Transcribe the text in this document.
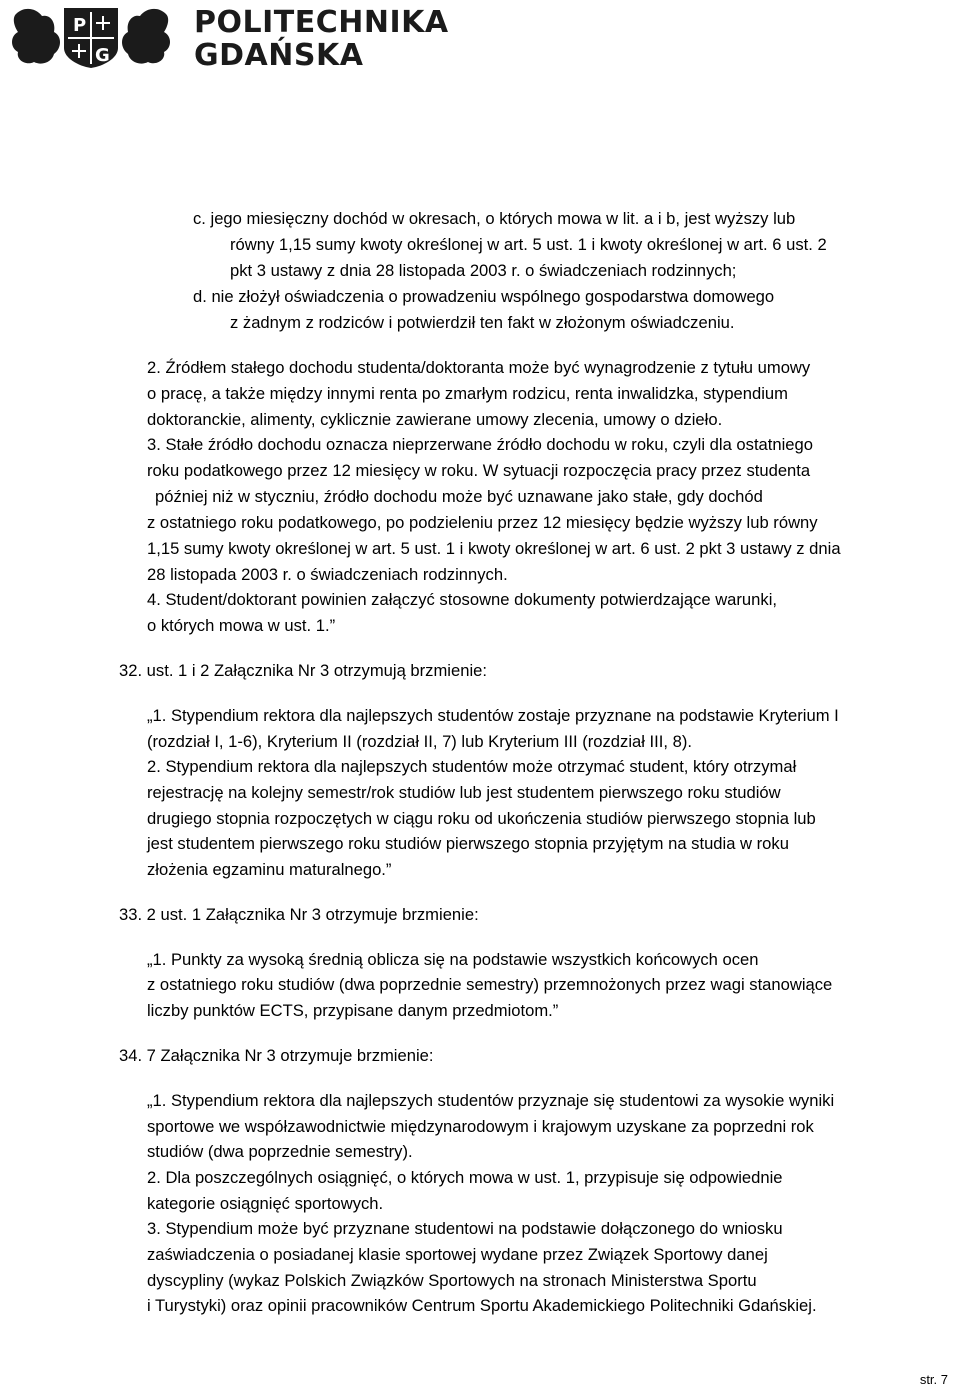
P
G
POLITECHNIKA
GDAŃSKA
c. jego miesięczny dochód w okresach, o których mowa w lit. a i b, jest wyższy lub
równy 1,15 sumy kwoty określonej w art. 5 ust. 1 i kwoty określonej w art. 6 ust. 2
pkt 3 ustawy z dnia 28 listopada 2003 r. o świadczeniach rodzinnych;
d. nie złożył oświadczenia o prowadzeniu wspólnego gospodarstwa domowego
z żadnym z rodziców i potwierdził ten fakt w złożonym oświadczeniu.
2. Źródłem stałego dochodu studenta/doktoranta może być wynagrodzenie z tytułu umowy
o pracę, a także między innymi renta po zmarłym rodzicu, renta inwalidzka, stypendium
doktoranckie, alimenty, cyklicznie zawierane umowy zlecenia, umowy o dzieło.
3. Stałe źródło dochodu oznacza nieprzerwane źródło dochodu w roku, czyli dla ostatniego
roku podatkowego przez 12 miesięcy w roku. W sytuacji rozpoczęcia pracy przez studenta
później niż w styczniu, źródło dochodu może być uznawane jako stałe, gdy dochód
z ostatniego roku podatkowego, po podzieleniu przez 12 miesięcy będzie wyższy lub równy
1,15 sumy kwoty określonej w art. 5 ust. 1 i kwoty określonej w art. 6 ust. 2 pkt 3 ustawy z dnia
28 listopada 2003 r. o świadczeniach rodzinnych.
4. Student/doktorant powinien załączyć stosowne dokumenty potwierdzające warunki,
o których mowa w ust. 1.”
32. ust. 1 i 2 Załącznika Nr 3 otrzymują brzmienie:
„1. Stypendium rektora dla najlepszych studentów zostaje przyznane na podstawie Kryterium I
(rozdział I, 1-6), Kryterium II (rozdział II, 7) lub Kryterium III (rozdział III, 8).
2. Stypendium rektora dla najlepszych studentów może otrzymać student, który otrzymał
rejestrację na kolejny semestr/rok studiów lub jest studentem pierwszego roku studiów
drugiego stopnia rozpoczętych w ciągu roku od ukończenia studiów pierwszego stopnia lub
jest studentem pierwszego roku studiów pierwszego stopnia przyjętym na studia w roku
złożenia egzaminu maturalnego.”
33. 2 ust. 1 Załącznika Nr 3 otrzymuje brzmienie:
„1. Punkty za wysoką średnią oblicza się na podstawie wszystkich końcowych ocen
z ostatniego roku studiów (dwa poprzednie semestry) przemnożonych przez wagi stanowiące
liczby punktów ECTS, przypisane danym przedmiotom.”
34. 7 Załącznika Nr 3 otrzymuje brzmienie:
„1. Stypendium rektora dla najlepszych studentów przyznaje się studentowi za wysokie wyniki
sportowe we współzawodnictwie międzynarodowym i krajowym uzyskane za poprzedni rok
studiów (dwa poprzednie semestry).
2. Dla poszczególnych osiągnięć, o których mowa w ust. 1, przypisuje się odpowiednie
kategorie osiągnięć sportowych.
3. Stypendium może być przyznane studentowi na podstawie dołączonego do wniosku
zaświadczenia o posiadanej klasie sportowej wydane przez Związek Sportowy danej
dyscypliny (wykaz Polskich Związków Sportowych na stronach Ministerstwa Sportu
i Turystyki) oraz opinii pracowników Centrum Sportu Akademickiego Politechniki Gdańskiej.
str. 7
